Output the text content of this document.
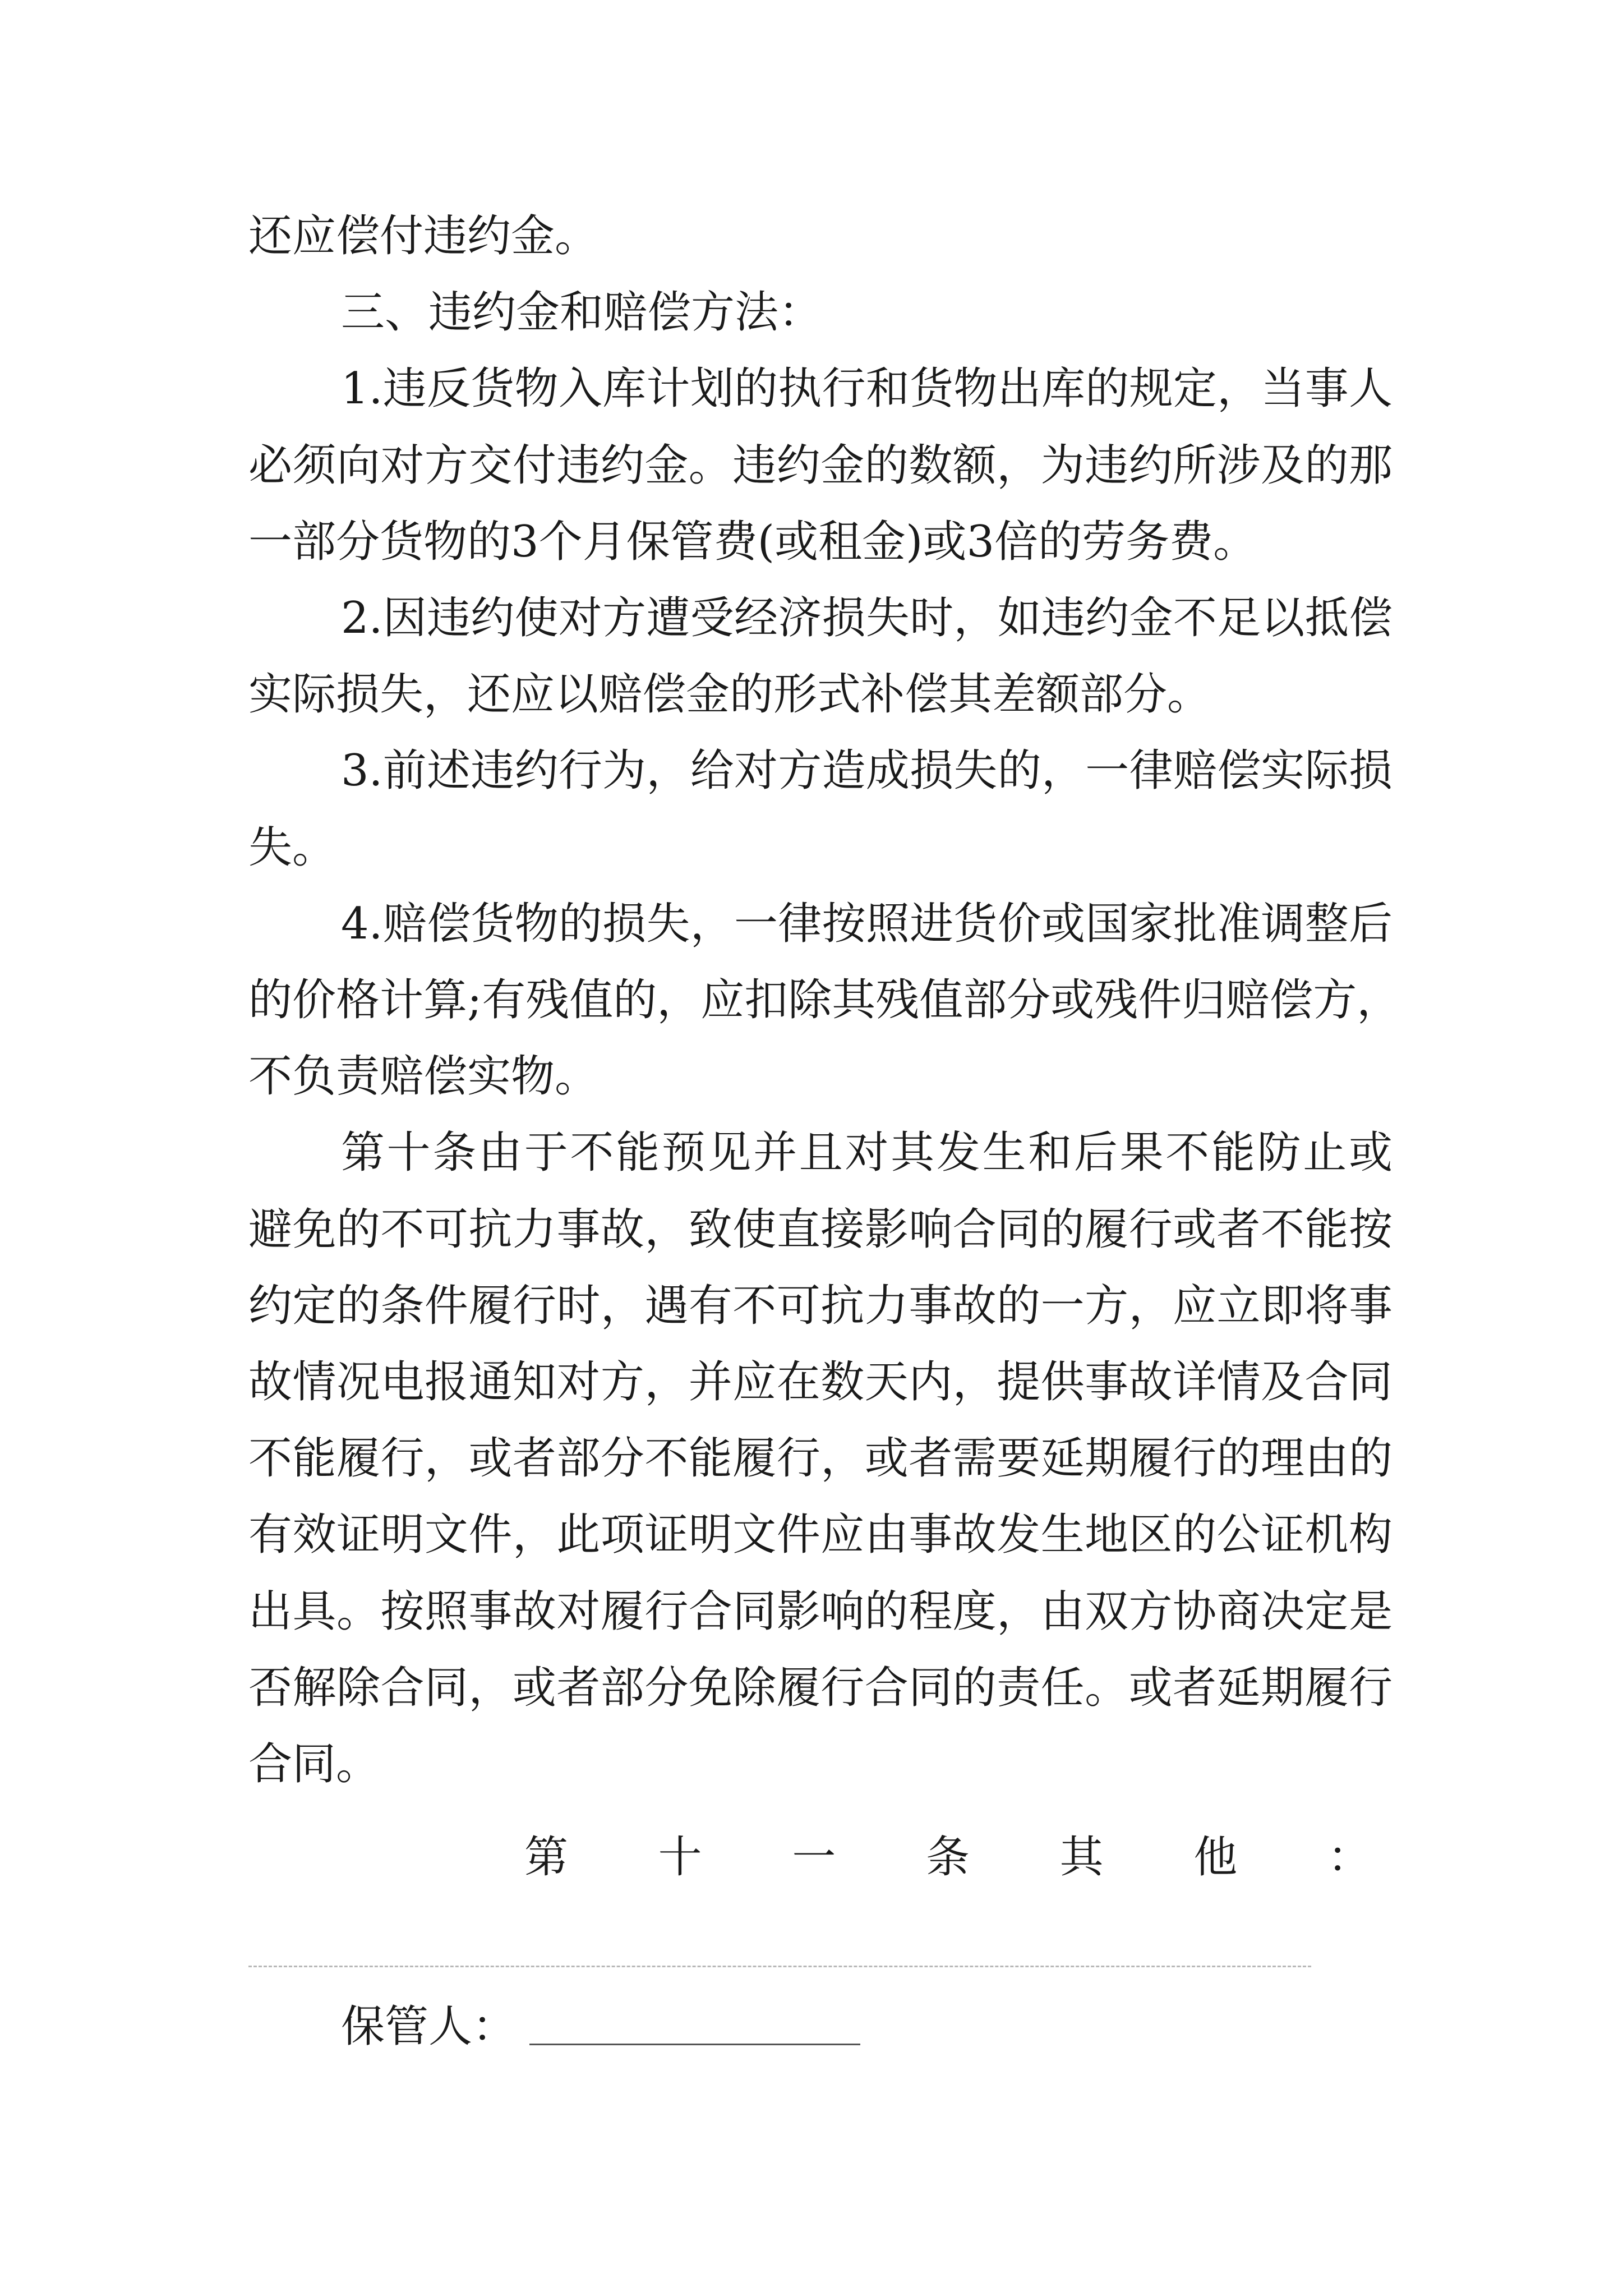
还应偿付违约金。
三、违约金和赔偿方法：
1.违反货物入库计划的执行和货物出库的规定，当事人
必须向对方交付违约金。违约金的数额，为违约所涉及的那
一部分货物的3个月保管费(或租金)或3倍的劳务费。
2.因违约使对方遭受经济损失时，如违约金不足以抵偿
实际损失，还应以赔偿金的形式补偿其差额部分。
3.前述违约行为，给对方造成损失的，一律赔偿实际损
失。
4.赔偿货物的损失，一律按照进货价或国家批准调整后
的价格计算;有残值的，应扣除其残值部分或残件归赔偿方，
不负责赔偿实物。
第十条由于不能预见并且对其发生和后果不能防止或
避免的不可抗力事故，致使直接影响合同的履行或者不能按
约定的条件履行时，遇有不可抗力事故的一方，应立即将事
故情况电报通知对方，并应在数天内，提供事故详情及合同
不能履行，或者部分不能履行，或者需要延期履行的理由的
有效证明文件，此项证明文件应由事故发生地区的公证机构
出具。按照事故对履行合同影响的程度，由双方协商决定是
否解除合同，或者部分免除履行合同的责任。或者延期履行
合同。
第 十 一 条 其 他 ：
保管人：
